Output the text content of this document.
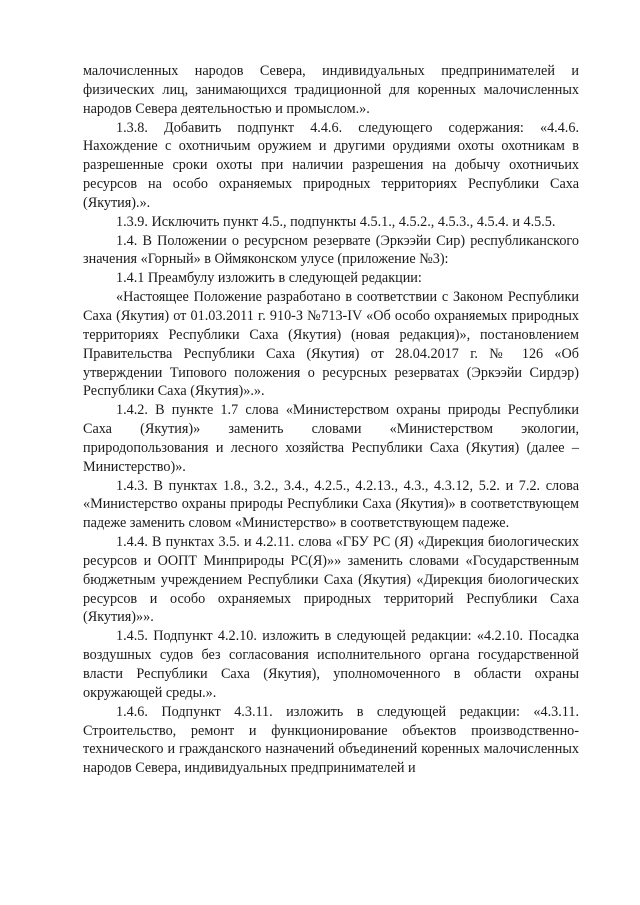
малочисленных народов Севера, индивидуальных предпринимателей и физических лиц, занимающихся традиционной для коренных малочисленных народов Севера деятельностью и промыслом.».

1.3.8. Добавить подпункт 4.4.6. следующего содержания: «4.4.6. Нахождение с охотничьим оружием и другими орудиями охоты охотникам в разрешенные сроки охоты при наличии разрешения на добычу охотничьих ресурсов на особо охраняемых природных территориях Республики Саха (Якутия).».

1.3.9. Исключить пункт 4.5., подпункты 4.5.1., 4.5.2., 4.5.3., 4.5.4. и 4.5.5.

1.4. В Положении о ресурсном резервате (Эркээйи Сир) республиканского значения «Горный» в Оймяконском улусе (приложение №3):

1.4.1 Преамбулу изложить в следующей редакции:

«Настоящее Положение разработано в соответствии с Законом Республики Саха (Якутия) от 01.03.2011 г. 910-З №713-IV «Об особо охраняемых природных территориях Республики Саха (Якутия) (новая редакция)», постановлением Правительства Республики Саха (Якутия) от 28.04.2017 г. № 126 «Об утверждении Типового положения о ресурсных резерватах (Эркээйи Сирдэр) Республики Саха (Якутия)».».

1.4.2. В пункте 1.7 слова «Министерством охраны природы Республики Саха (Якутия)» заменить словами «Министерством экологии, природопользования и лесного хозяйства Республики Саха (Якутия) (далее – Министерство)».

1.4.3. В пунктах 1.8., 3.2., 3.4., 4.2.5., 4.2.13., 4.3., 4.3.12, 5.2. и 7.2. слова «Министерство охраны природы Республики Саха (Якутия)» в соответствующем падеже заменить словом «Министерство» в соответствующем падеже.

1.4.4. В пунктах 3.5. и 4.2.11. слова «ГБУ РС (Я) «Дирекция биологических ресурсов и ООПТ Минприроды РС(Я)»» заменить словами «Государственным бюджетным учреждением Республики Саха (Якутия) «Дирекция биологических ресурсов и особо охраняемых природных территорий Республики Саха (Якутия)»».

1.4.5. Подпункт 4.2.10. изложить в следующей редакции: «4.2.10. Посадка воздушных судов без согласования исполнительного органа государственной власти Республики Саха (Якутия), уполномоченного в области охраны окружающей среды.».

1.4.6. Подпункт 4.3.11. изложить в следующей редакции: «4.3.11. Строительство, ремонт и функционирование объектов производственно-технического и гражданского назначений объединений коренных малочисленных народов Севера, индивидуальных предпринимателей и
